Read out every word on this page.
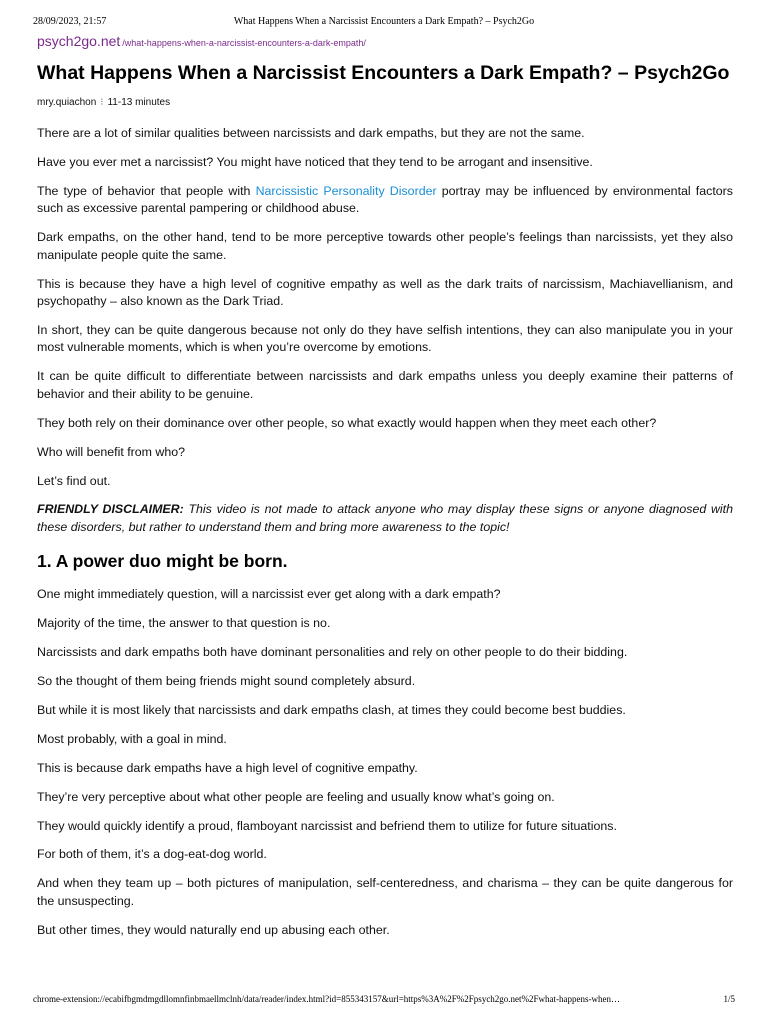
28/09/2023, 21:57	What Happens When a Narcissist Encounters a Dark Empath? – Psych2Go
psych2go.net /what-happens-when-a-narcissist-encounters-a-dark-empath/
What Happens When a Narcissist Encounters a Dark Empath? – Psych2Go
mry.quiachon ⁝ 11-13 minutes

There are a lot of similar qualities between narcissists and dark empaths, but they are not the same.

Have you ever met a narcissist? You might have noticed that they tend to be arrogant and insensitive.

The type of behavior that people with Narcissistic Personality Disorder portray may be influenced by environmental factors such as excessive parental pampering or childhood abuse.

Dark empaths, on the other hand, tend to be more perceptive towards other people’s feelings than narcissists, yet they also manipulate people quite the same.

This is because they have a high level of cognitive empathy as well as the dark traits of narcissism, Machiavellianism, and psychopathy – also known as the Dark Triad.

In short, they can be quite dangerous because not only do they have selfish intentions, they can also manipulate you in your most vulnerable moments, which is when you’re overcome by emotions.

It can be quite difficult to differentiate between narcissists and dark empaths unless you deeply examine their patterns of behavior and their ability to be genuine.

They both rely on their dominance over other people, so what exactly would happen when they meet each other?

Who will benefit from who?

Let’s find out.

FRIENDLY DISCLAIMER: This video is not made to attack anyone who may display these signs or anyone diagnosed with these disorders, but rather to understand them and bring more awareness to the topic!

1. A power duo might be born.

One might immediately question, will a narcissist ever get along with a dark empath?

Majority of the time, the answer to that question is no.

Narcissists and dark empaths both have dominant personalities and rely on other people to do their bidding.

So the thought of them being friends might sound completely absurd.

But while it is most likely that narcissists and dark empaths clash, at times they could become best buddies.

Most probably, with a goal in mind.

This is because dark empaths have a high level of cognitive empathy.

They’re very perceptive about what other people are feeling and usually know what’s going on.

They would quickly identify a proud, flamboyant narcissist and befriend them to utilize for future situations.

For both of them, it’s a dog-eat-dog world.

And when they team up – both pictures of manipulation, self-centeredness, and charisma – they can be quite dangerous for the unsuspecting.

But other times, they would naturally end up abusing each other.

chrome-extension://ecabifbgmdmgdllomnfinbmaellmclnh/data/reader/index.html?id=855343157&url=https%3A%2F%2Fpsych2go.net%2Fwhat-happens-when…	1/5
